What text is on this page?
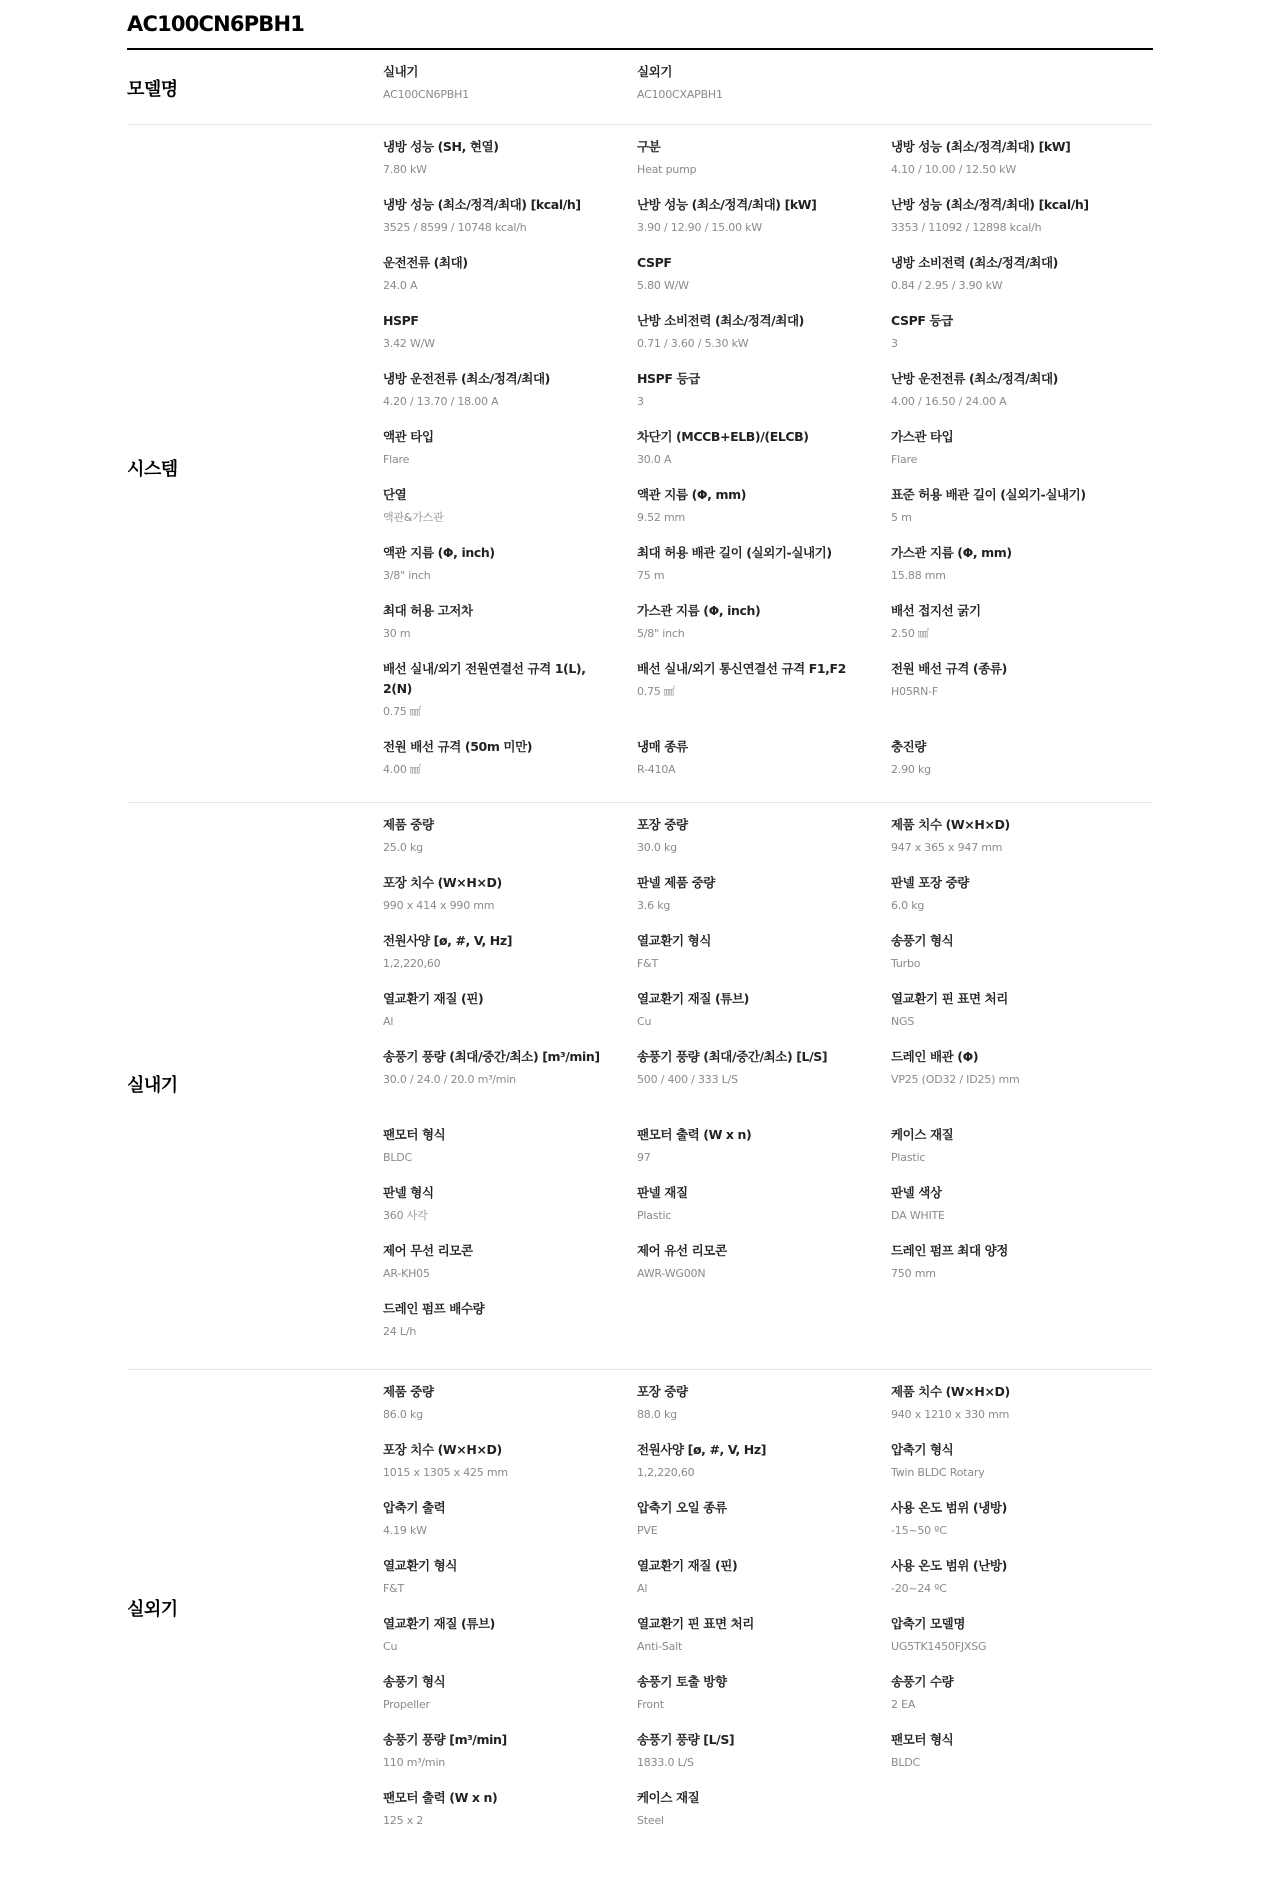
AC100CN6PBH1
모델명
실내기
AC100CN6PBH1
실외기
AC100CXAPBH1
시스템
냉방 성능 (SH, 현열)
7.80 kW
구분
Heat pump
냉방 성능 (최소/정격/최대) [kW]
4.10 / 10.00 / 12.50 kW
냉방 성능 (최소/정격/최대) [kcal/h]
3525 / 8599 / 10748 kcal/h
난방 성능 (최소/정격/최대) [kW]
3.90 / 12.90 / 15.00 kW
난방 성능 (최소/정격/최대) [kcal/h]
3353 / 11092 / 12898 kcal/h
운전전류 (최대)
24.0 A
CSPF
5.80 W/W
냉방 소비전력 (최소/정격/최대)
0.84 / 2.95 / 3.90 kW
HSPF
3.42 W/W
난방 소비전력 (최소/정격/최대)
0.71 / 3.60 / 5.30 kW
CSPF 등급
3
냉방 운전전류 (최소/정격/최대)
4.20 / 13.70 / 18.00 A
HSPF 등급
3
난방 운전전류 (최소/정격/최대)
4.00 / 16.50 / 24.00 A
액관 타입
Flare
차단기 (MCCB+ELB)/(ELCB)
30.0 A
가스관 타입
Flare
단열
액관&가스관
액관 지름 (Φ, mm)
9.52 mm
표준 허용 배관 길이 (실외기-실내기)
5 m
액관 지름 (Φ, inch)
3/8" inch
최대 허용 배관 길이 (실외기-실내기)
75 m
가스관 지름 (Φ, mm)
15.88 mm
최대 허용 고저차
30 m
가스관 지름 (Φ, inch)
5/8" inch
배선 접지선 굵기
2.50 ㎟
배선 실내/외기 전원연결선 규격 1(L), 2(N)
0.75 ㎟
배선 실내/외기 통신연결선 규격 F1,F2
0.75 ㎟
전원 배선 규격 (종류)
H05RN-F
전원 배선 규격 (50m 미만)
4.00 ㎟
냉매 종류
R-410A
충진량
2.90 kg
실내기
제품 중량
25.0 kg
포장 중량
30.0 kg
제품 치수 (W×H×D)
947 x 365 x 947 mm
포장 치수 (W×H×D)
990 x 414 x 990 mm
판넬 제품 중량
3.6 kg
판넬 포장 중량
6.0 kg
전원사양 [ø, #, V, Hz]
1,2,220,60
열교환기 형식
F&T
송풍기 형식
Turbo
열교환기 재질 (핀)
Al
열교환기 재질 (튜브)
Cu
열교환기 핀 표면 처리
NGS
송풍기 풍량 (최대/중간/최소) [m³/min]
30.0 / 24.0 / 20.0 m³/min
송풍기 풍량 (최대/중간/최소) [L/S]
500 / 400 / 333 L/S
드레인 배관 (Φ)
VP25 (OD32 / ID25) mm
팬모터 형식
BLDC
팬모터 출력 (W x n)
97
케이스 재질
Plastic
판넬 형식
360 사각
판넬 재질
Plastic
판넬 색상
DA WHITE
제어 무선 리모콘
AR-KH05
제어 유선 리모콘
AWR-WG00N
드레인 펌프 최대 양정
750 mm
드레인 펌프 배수량
24 L/h
실외기
제품 중량
86.0 kg
포장 중량
88.0 kg
제품 치수 (W×H×D)
940 x 1210 x 330 mm
포장 치수 (W×H×D)
1015 x 1305 x 425 mm
전원사양 [ø, #, V, Hz]
1,2,220,60
압축기 형식
Twin BLDC Rotary
압축기 출력
4.19 kW
압축기 오일 종류
PVE
사용 온도 범위 (냉방)
-15~50 ºC
열교환기 형식
F&T
열교환기 재질 (핀)
Al
사용 온도 범위 (난방)
-20~24 ºC
열교환기 재질 (튜브)
Cu
열교환기 핀 표면 처리
Anti-Salt
압축기 모델명
UG5TK1450FJXSG
송풍기 형식
Propeller
송풍기 토출 방향
Front
송풍기 수량
2 EA
송풍기 풍량 [m³/min]
110 m³/min
송풍기 풍량 [L/S]
1833.0 L/S
팬모터 형식
BLDC
팬모터 출력 (W x n)
125 x 2
케이스 재질
Steel
